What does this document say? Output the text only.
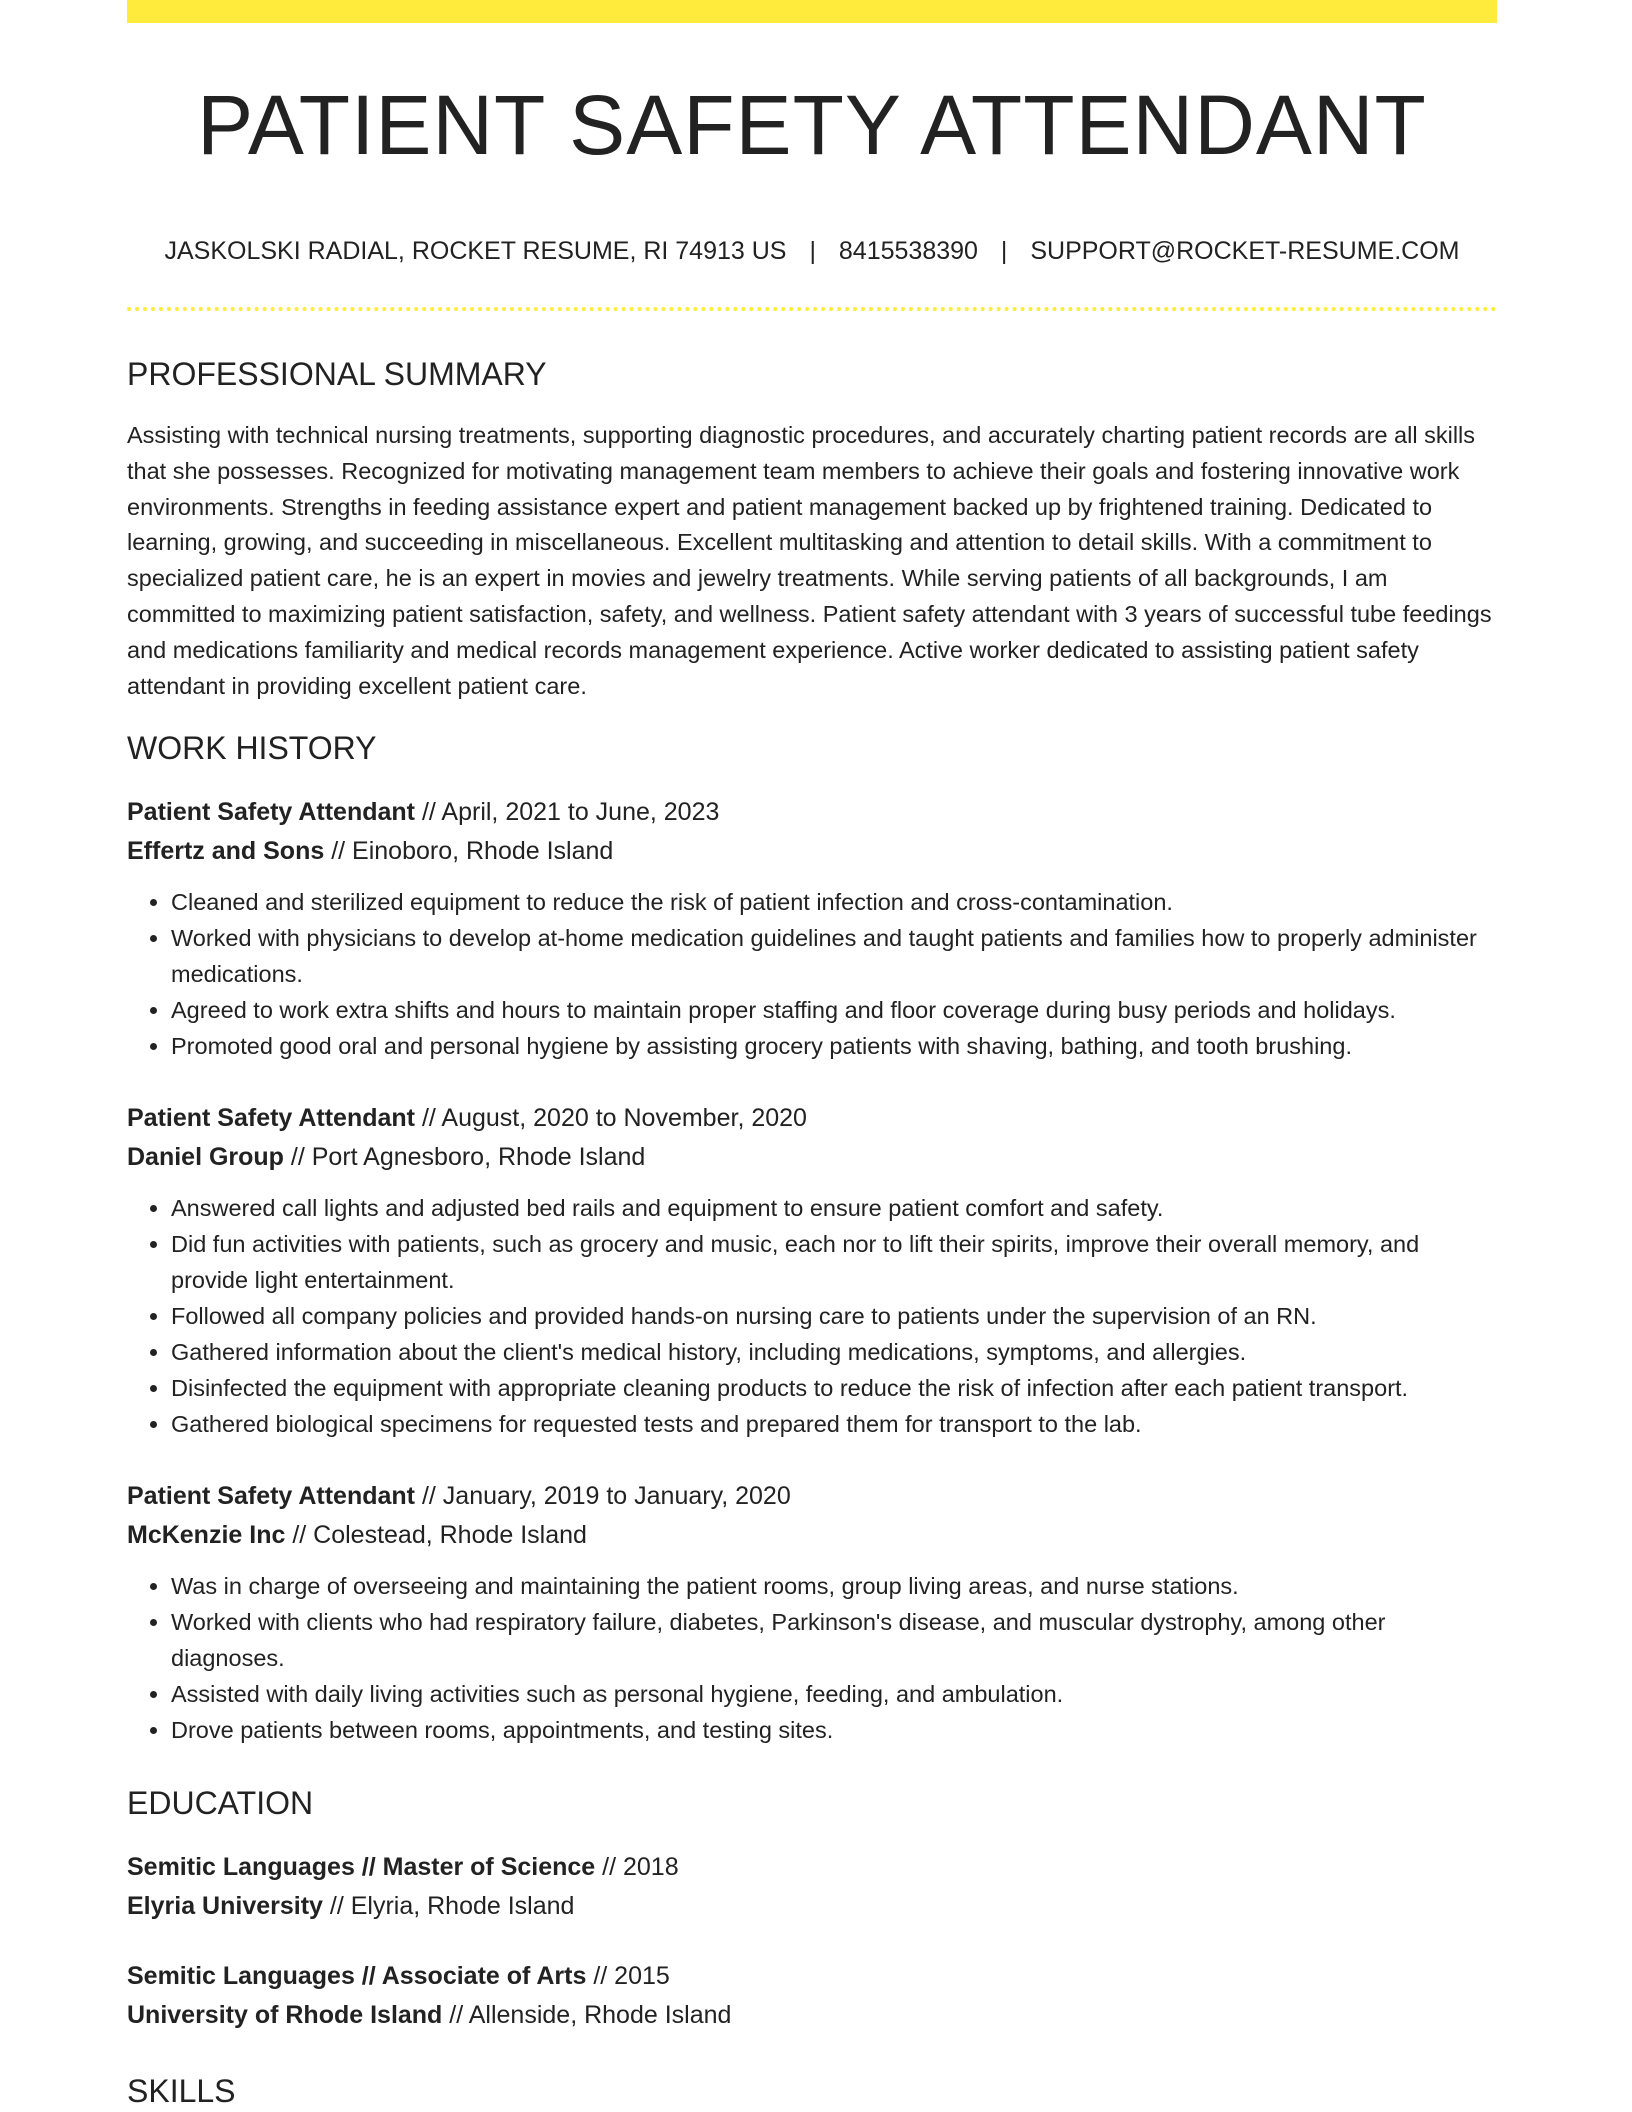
PATIENT SAFETY ATTENDANT
JASKOLSKI RADIAL, ROCKET RESUME, RI 74913 US | 8415538390 | SUPPORT@ROCKET-RESUME.COM
PROFESSIONAL SUMMARY
Assisting with technical nursing treatments, supporting diagnostic procedures, and accurately charting patient records are all skills that she possesses. Recognized for motivating management team members to achieve their goals and fostering innovative work environments. Strengths in feeding assistance expert and patient management backed up by frightened training. Dedicated to learning, growing, and succeeding in miscellaneous. Excellent multitasking and attention to detail skills. With a commitment to specialized patient care, he is an expert in movies and jewelry treatments. While serving patients of all backgrounds, I am committed to maximizing patient satisfaction, safety, and wellness. Patient safety attendant with 3 years of successful tube feedings and medications familiarity and medical records management experience. Active worker dedicated to assisting patient safety attendant in providing excellent patient care.
WORK HISTORY
Patient Safety Attendant // April, 2021 to June, 2023
Effertz and Sons // Einoboro, Rhode Island
• Cleaned and sterilized equipment to reduce the risk of patient infection and cross-contamination.
• Worked with physicians to develop at-home medication guidelines and taught patients and families how to properly administer medications.
• Agreed to work extra shifts and hours to maintain proper staffing and floor coverage during busy periods and holidays.
• Promoted good oral and personal hygiene by assisting grocery patients with shaving, bathing, and tooth brushing.
Patient Safety Attendant // August, 2020 to November, 2020
Daniel Group // Port Agnesboro, Rhode Island
• Answered call lights and adjusted bed rails and equipment to ensure patient comfort and safety.
• Did fun activities with patients, such as grocery and music, each nor to lift their spirits, improve their overall memory, and provide light entertainment.
• Followed all company policies and provided hands-on nursing care to patients under the supervision of an RN.
• Gathered information about the client's medical history, including medications, symptoms, and allergies.
• Disinfected the equipment with appropriate cleaning products to reduce the risk of infection after each patient transport.
• Gathered biological specimens for requested tests and prepared them for transport to the lab.
Patient Safety Attendant // January, 2019 to January, 2020
McKenzie Inc // Colestead, Rhode Island
• Was in charge of overseeing and maintaining the patient rooms, group living areas, and nurse stations.
• Worked with clients who had respiratory failure, diabetes, Parkinson's disease, and muscular dystrophy, among other diagnoses.
• Assisted with daily living activities such as personal hygiene, feeding, and ambulation.
• Drove patients between rooms, appointments, and testing sites.
EDUCATION
Semitic Languages // Master of Science // 2018
Elyria University // Elyria, Rhode Island
Semitic Languages // Associate of Arts // 2015
University of Rhode Island // Allenside, Rhode Island
SKILLS
